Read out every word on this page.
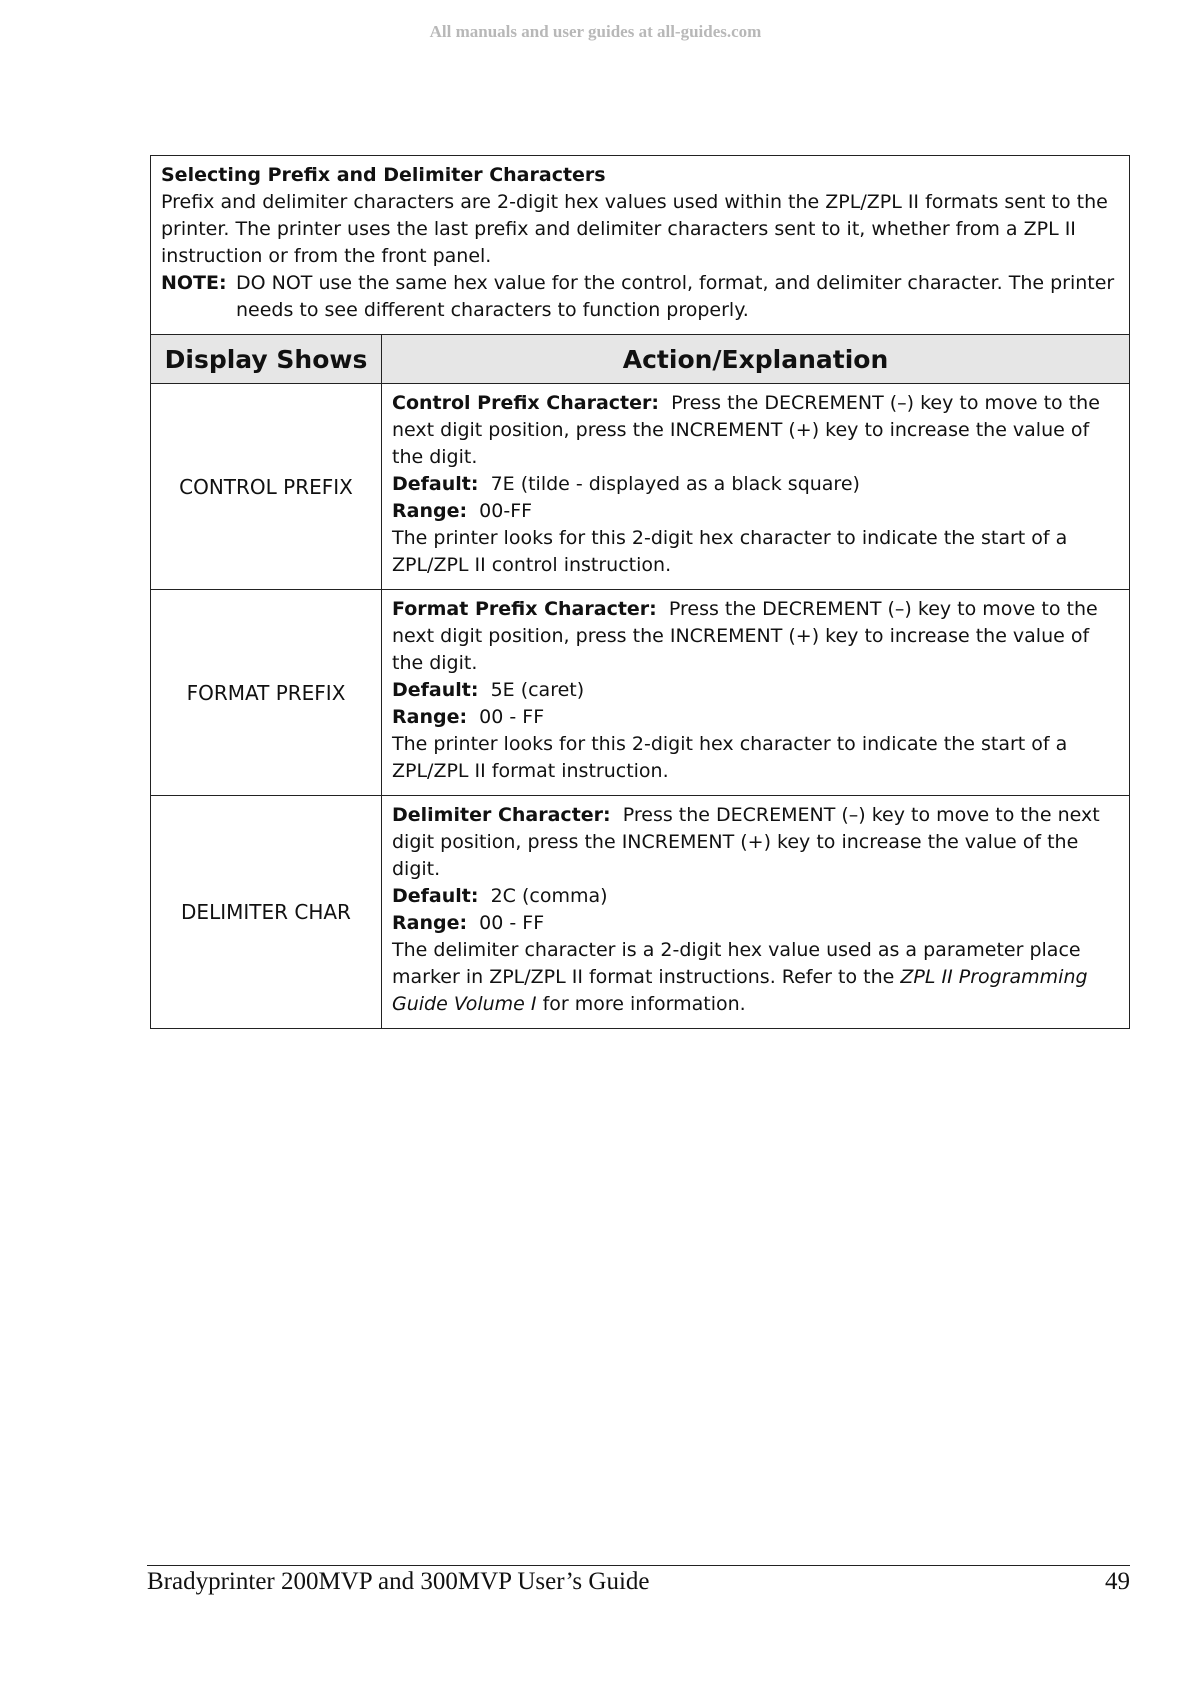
All manuals and user guides at all-guides.com
Selecting Prefix and Delimiter Characters
Prefix and delimiter characters are 2-digit hex values used within the ZPL/ZPL II formats sent to the printer. The printer uses the last prefix and delimiter characters sent to it, whether from a ZPL II instruction or from the front panel.
NOTE: DO NOT use the same hex value for the control, format, and delimiter character. The printer needs to see different characters to function properly.
Display Shows	Action/Explanation
CONTROL PREFIX	Control Prefix Character: Press the DECREMENT (–) key to move to the next digit position, press the INCREMENT (+) key to increase the value of the digit.
Default: 7E (tilde - displayed as a black square)
Range: 00-FF
The printer looks for this 2-digit hex character to indicate the start of a ZPL/ZPL II control instruction.

FORMAT PREFIX	Format Prefix Character: Press the DECREMENT (–) key to move to the next digit position, press the INCREMENT (+) key to increase the value of the digit.
Default: 5E (caret)
Range: 00 - FF
The printer looks for this 2-digit hex character to indicate the start of a ZPL/ZPL II format instruction.

DELIMITER CHAR	Delimiter Character: Press the DECREMENT (–) key to move to the next digit position, press the INCREMENT (+) key to increase the value of the digit.
Default: 2C (comma)
Range: 00 - FF
The delimiter character is a 2-digit hex value used as a parameter place marker in ZPL/ZPL II format instructions. Refer to the ZPL II Programming Guide Volume I for more information.
Bradyprinter 200MVP and 300MVP User’s Guide	49
